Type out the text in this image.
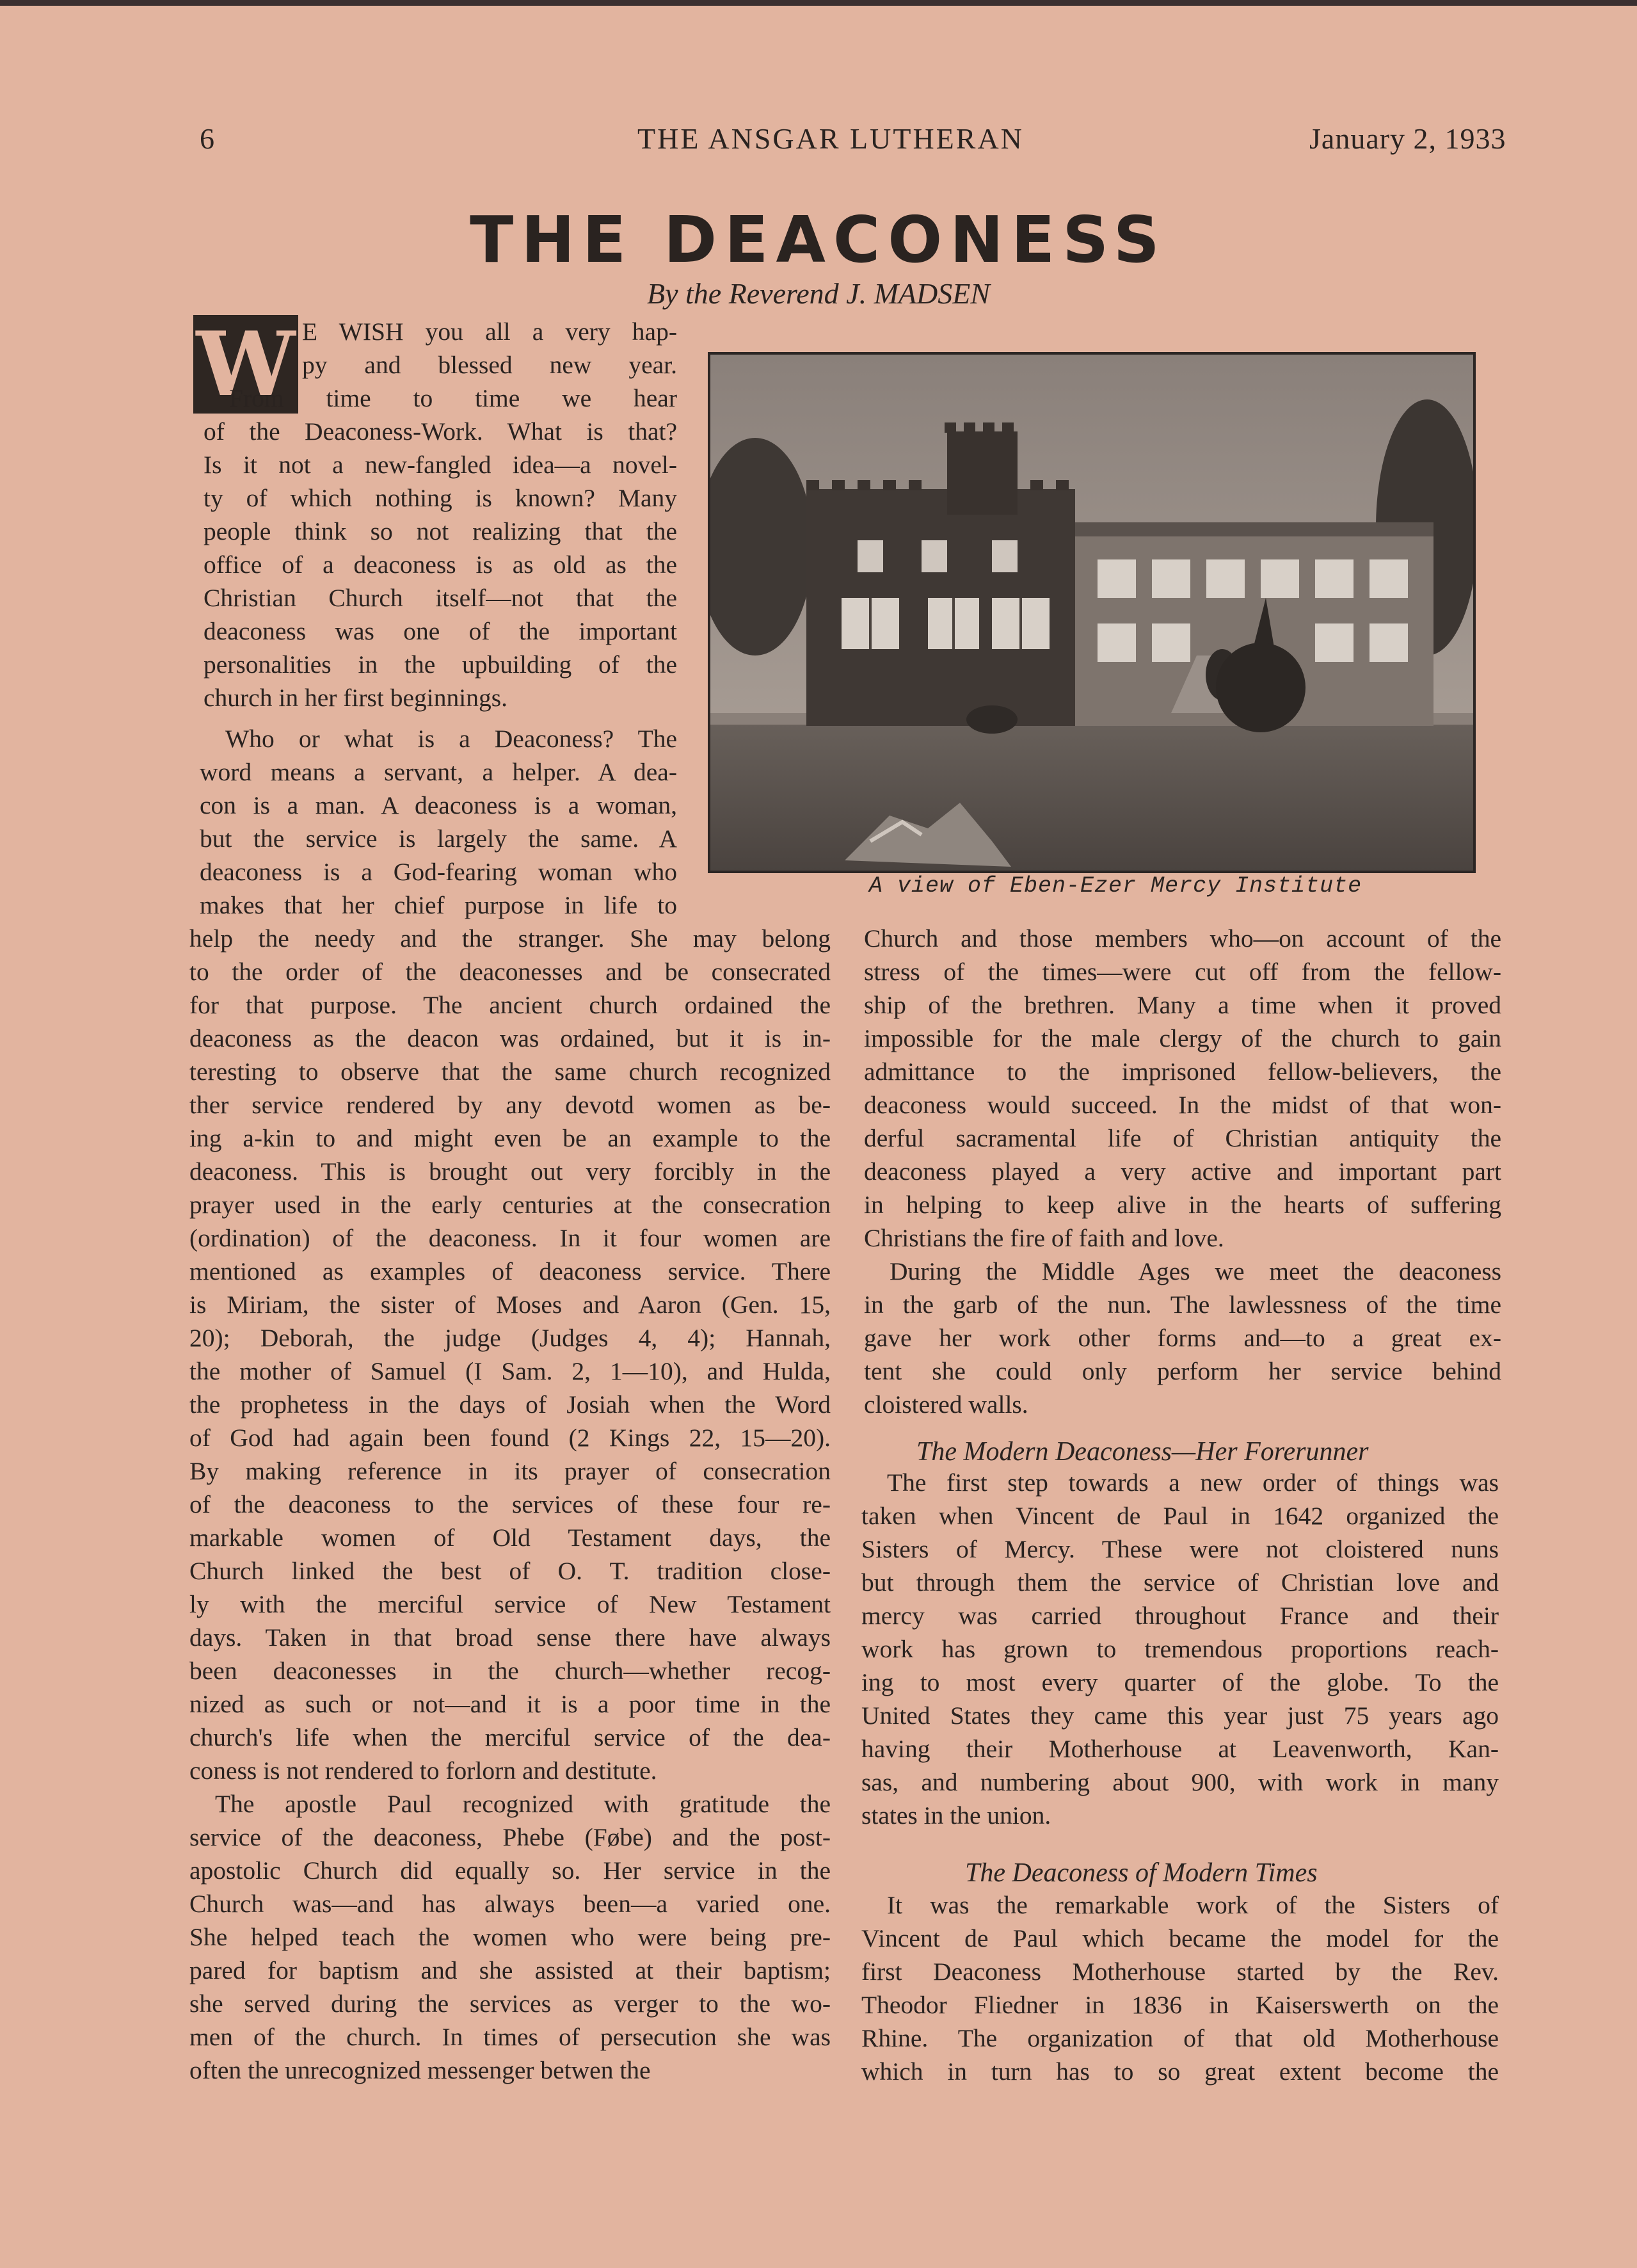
6	THE ANSGAR LUTHERAN	January 2, 1933
THE DEACONESS
By the Reverend J. MADSEN
W E WISH you all a very hap-
py and blessed new year.

From time to time we hear
of the Deaconess-Work. What is that?
Is it not a new-fangled idea—a novel-
ty of which nothing is known? Many
people think so not realizing that the
office of a deaconess is as old as the
Christian Church itself—not that the
deaconess was one of the important
personalities in the upbuilding of the
church in her first beginnings.

Who or what is a Deaconess? The
word means a servant, a helper. A dea-
con is a man. A deaconess is a woman,
but the service is largely the same. A
deaconess is a God-fearing woman who
makes that her chief purpose in life to

help the needy and the stranger. She may belong
to the order of the deaconesses and be consecrated
for that purpose. The ancient church ordained the
deaconess as the deacon was ordained, but it is in-
teresting to observe that the same church recognized
ther service rendered by any devotd women as be-
ing a-kin to and might even be an example to the
deaconess. This is brought out very forcibly in the
prayer used in the early centuries at the consecration
(ordination) of the deaconess. In it four women are
mentioned as examples of deaconess service. There
is Miriam, the sister of Moses and Aaron (Gen. 15,
20); Deborah, the judge (Judges 4, 4); Hannah,
the mother of Samuel (I Sam. 2, 1—10), and Hulda,
the prophetess in the days of Josiah when the Word
of God had again been found (2 Kings 22, 15—20).
By making reference in its prayer of consecration
of the deaconess to the services of these four re-
markable women of Old Testament days, the
Church linked the best of O. T. tradition close-
ly with the merciful service of New Testament
days. Taken in that broad sense there have always
been deaconesses in the church—whether recog-
nized as such or not—and it is a poor time in the
church's life when the merciful service of the dea-
coness is not rendered to forlorn and destitute.
The apostle Paul recognized with gratitude the
service of the deaconess, Phebe (Føbe) and the post-
apostolic Church did equally so. Her service in the
Church was—and has always been—a varied one.
She helped teach the women who were being pre-
pared for baptism and she assisted at their baptism;
she served during the services as verger to the wo-
men of the church. In times of persecution she was
often the unrecognized messenger betwen the

Church and those members who—on account of the
stress of the times—were cut off from the fellow-
ship of the brethren. Many a time when it proved
impossible for the male clergy of the church to gain
admittance to the imprisoned fellow-believers, the
deaconess would succeed. In the midst of that won-
derful sacramental life of Christian antiquity the
deaconess played a very active and important part
in helping to keep alive in the hearts of suffering
Christians the fire of faith and love.
During the Middle Ages we meet the deaconess
in the garb of the nun. The lawlessness of the time
gave her work other forms and—to a great ex-
tent she could only perform her service behind
cloistered walls.

The Modern Deaconess—Her Forerunner

The first step towards a new order of things was
taken when Vincent de Paul in 1642 organized the
Sisters of Mercy. These were not cloistered nuns
but through them the service of Christian love and
mercy was carried throughout France and their
work has grown to tremendous proportions reach-
ing to most every quarter of the globe. To the
United States they came this year just 75 years ago
having their Motherhouse at Leavenworth, Kan-
sas, and numbering about 900, with work in many
states in the union.

The Deaconess of Modern Times

It was the remarkable work of the Sisters of
Vincent de Paul which became the model for the
first Deaconess Motherhouse started by the Rev.
Theodor Fliedner in 1836 in Kaiserswerth on the
Rhine. The organization of that old Motherhouse
which in turn has to so great extent become the

A view of Eben-Ezer Mercy Institute
